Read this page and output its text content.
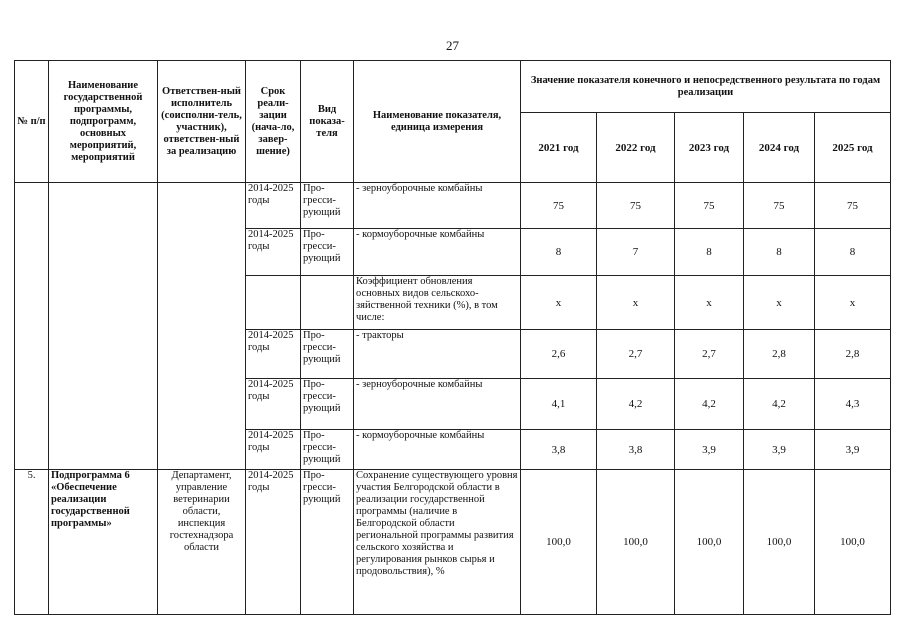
27
№ п/п	Наименование государственной программы, подпрограмм, основных мероприятий, мероприятий	Ответствен-ный исполнитель (соисполни-тель, участник), ответствен-ный за реализацию	Срок реали-зации (нача-ло, завер-шение)	Вид показа-теля	Наименование показателя, единица измерения	Значение показателя конечного и непосредственного результата по годам реализации				
						2021 год	2022 год	2023 год	2024 год	2025 год
			2014-2025 годы	Про-гресси-рующий	- зерноуборочные комбайны	75	75	75	75	75
			2014-2025 годы	Про-гресси-рующий	- кормоуборочные комбайны	8	7	8	8	8
					Коэффициент обновления основных видов сельскохо-зяйственной техники (%), в том числе:	х	х	х	х	х
			2014-2025 годы	Про-гресси-рующий	- тракторы	2,6	2,7	2,7	2,8	2,8
			2014-2025 годы	Про-гресси-рующий	- зерноуборочные комбайны	4,1	4,2	4,2	4,2	4,3
			2014-2025 годы	Про-гресси-рующий	- кормоуборочные комбайны	3,8	3,8	3,9	3,9	3,9
5.	Подпрограмма 6 «Обеспечение реализации государственной программы»	Департамент, управление ветеринарии области, инспекция гостехнадзора области	2014-2025 годы	Про-гресси-рующий	Сохранение существующего уровня участия Белгородской области в реализации государственной программы (наличие в Белгородской области региональной программы развития сельского хозяйства и регулирования рынков сырья и продовольствия), %	100,0	100,0	100,0	100,0	100,0
